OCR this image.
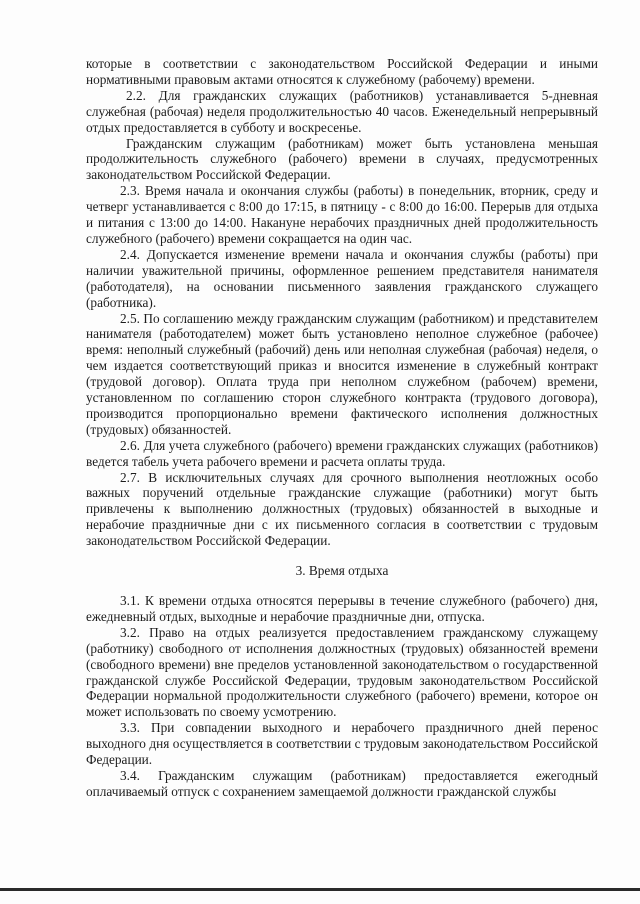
которые в соответствии с законодательством Российской Федерации и иными нормативными правовым актами относятся к служебному (рабочему) времени.

2.2. Для гражданских служащих (работников) устанавливается 5-дневная служебная (рабочая) неделя продолжительностью 40 часов. Еженедельный непрерывный отдых предоставляется в субботу и воскресенье.

Гражданским служащим (работникам) может быть установлена меньшая продолжительность служебного (рабочего) времени в случаях, предусмотренных законодательством Российской Федерации.

2.3. Время начала и окончания службы (работы) в понедельник, вторник, среду и четверг устанавливается с 8:00 до 17:15, в пятницу - с 8:00 до 16:00. Перерыв для отдыха и питания с 13:00 до 14:00. Накануне нерабочих праздничных дней продолжительность служебного (рабочего) времени сокращается на один час.

2.4. Допускается изменение времени начала и окончания службы (работы) при наличии уважительной причины, оформленное решением представителя нанимателя (работодателя), на основании письменного заявления гражданского служащего (работника).

2.5. По соглашению между гражданским служащим (работником) и представителем нанимателя (работодателем) может быть установлено неполное служебное (рабочее) время: неполный служебный (рабочий) день или неполная служебная (рабочая) неделя, о чем издается соответствующий приказ и вносится изменение в служебный контракт (трудовой договор). Оплата труда при неполном служебном (рабочем) времени, установленном по соглашению сторон служебного контракта (трудового договора), производится пропорционально времени фактического исполнения должностных (трудовых) обязанностей.

2.6. Для учета служебного (рабочего) времени гражданских служащих (работников) ведется табель учета рабочего времени и расчета оплаты труда.

2.7. В исключительных случаях для срочного выполнения неотложных особо важных поручений отдельные гражданские служащие (работники) могут быть привлечены к выполнению должностных (трудовых) обязанностей в выходные и нерабочие праздничные дни с их письменного согласия в соответствии с трудовым законодательством Российской Федерации.

3. Время отдыха

3.1. К времени отдыха относятся перерывы в течение служебного (рабочего) дня, ежедневный отдых, выходные и нерабочие праздничные дни, отпуска.

3.2. Право на отдых реализуется предоставлением гражданскому служащему (работнику) свободного от исполнения должностных (трудовых) обязанностей времени (свободного времени) вне пределов установленной законодательством о государственной гражданской службе Российской Федерации, трудовым законодательством Российской Федерации нормальной продолжительности служебного (рабочего) времени, которое он может использовать по своему усмотрению.

3.3. При совпадении выходного и нерабочего праздничного дней перенос выходного дня осуществляется в соответствии с трудовым законодательством Российской Федерации.

3.4. Гражданским служащим (работникам) предоставляется ежегодный оплачиваемый отпуск с сохранением замещаемой должности гражданской службы
